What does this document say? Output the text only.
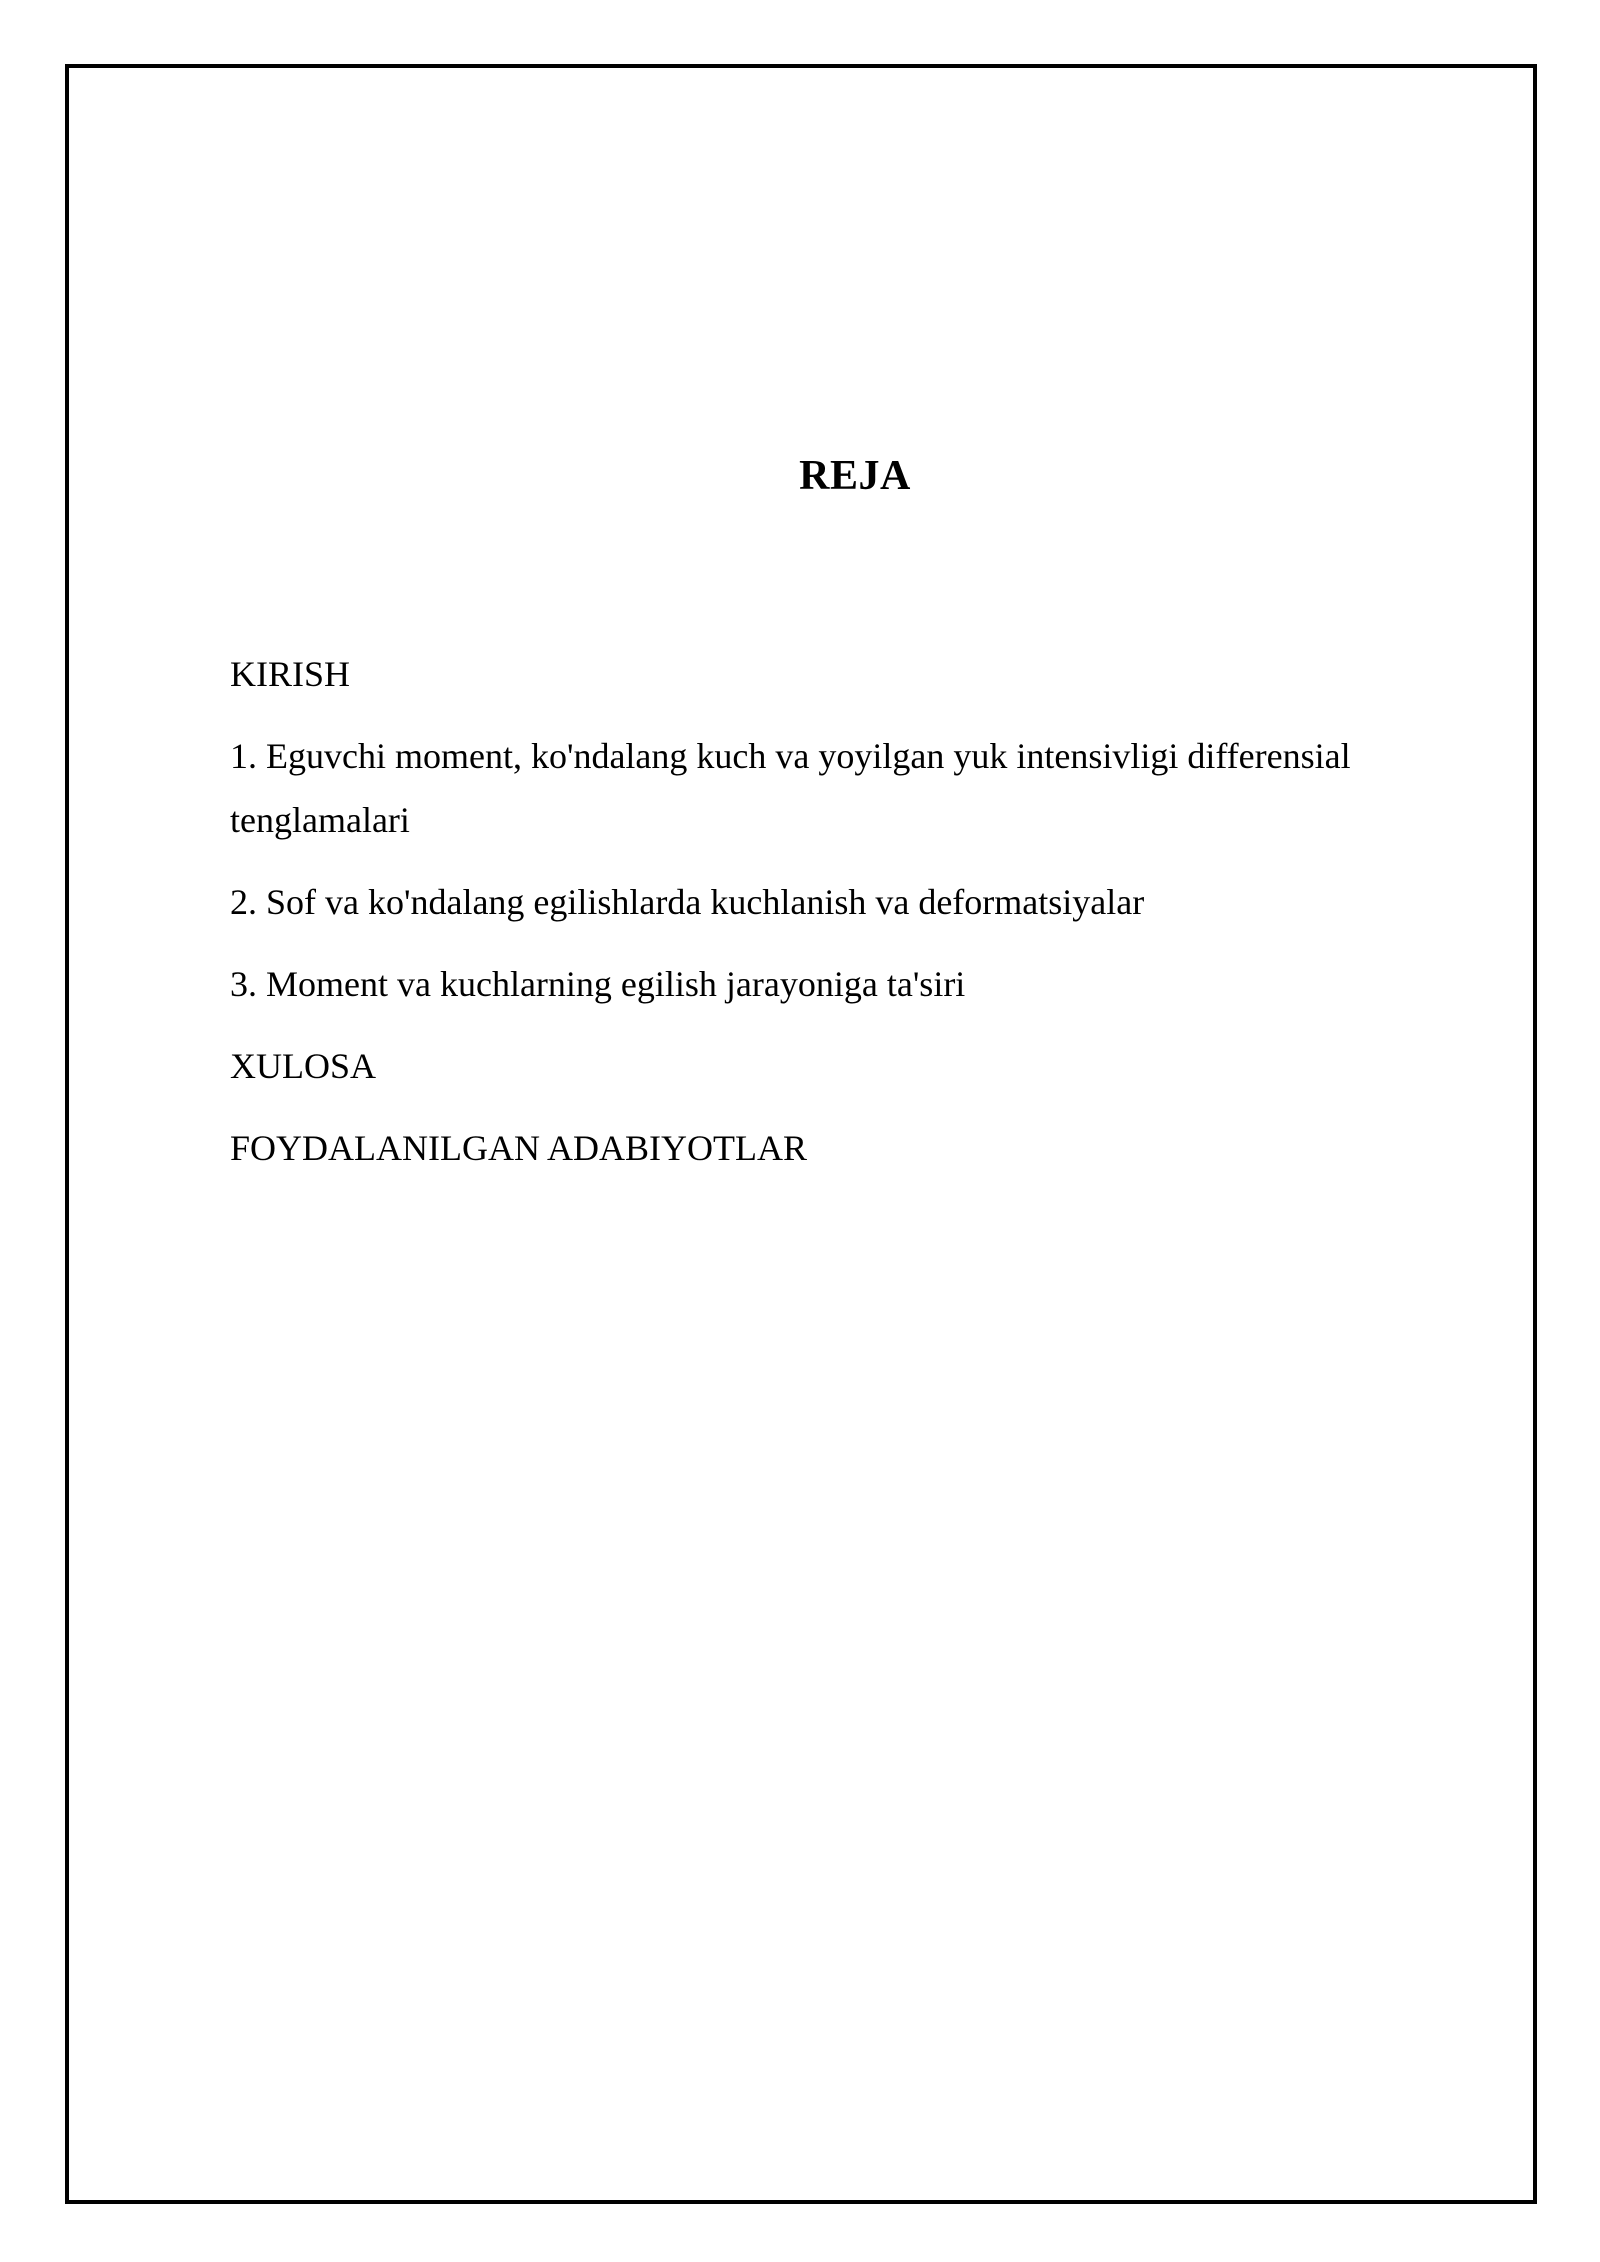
REJA
KIRISH
1. Eguvchi moment, ko'ndalang kuch va yoyilgan yuk intensivligi differensial tenglamalari
2. Sof va ko'ndalang egilishlarda kuchlanish va deformatsiyalar
3. Moment va kuchlarning egilish jarayoniga ta'siri
XULOSA
FOYDALANILGAN ADABIYOTLAR
